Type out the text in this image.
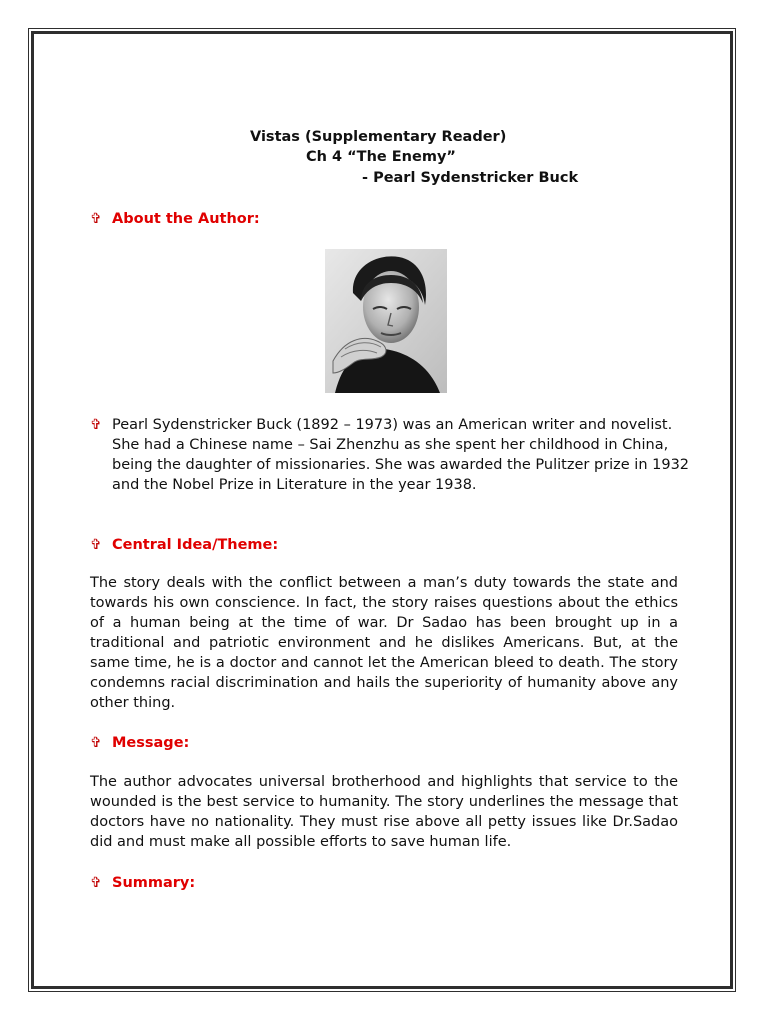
Vistas (Supplementary Reader)
Ch 4 “The Enemy”
- Pearl Sydenstricker Buck
✞ About the Author:
✞ Pearl Sydenstricker Buck (1892 – 1973) was an American writer and novelist. She had a Chinese name – Sai Zhenzhu as she spent her childhood in China, being the daughter of missionaries. She was awarded the Pulitzer prize in 1932 and the Nobel Prize in Literature in the year 1938.
✞ Central Idea/Theme:
The story deals with the conflict between a man’s duty towards the state and towards his own conscience. In fact, the story raises questions about the ethics of a human being at the time of war. Dr Sadao has been brought up in a traditional and patriotic environment and he dislikes Americans. But, at the same time, he is a doctor and cannot let the American bleed to death. The story condemns racial discrimination and hails the superiority of humanity above any other thing.
✞ Message:
The author advocates universal brotherhood and highlights that service to the wounded is the best service to humanity. The story underlines the message that doctors have no nationality. They must rise above all petty issues like Dr.Sadao did and must make all possible efforts to save human life.
✞ Summary:
